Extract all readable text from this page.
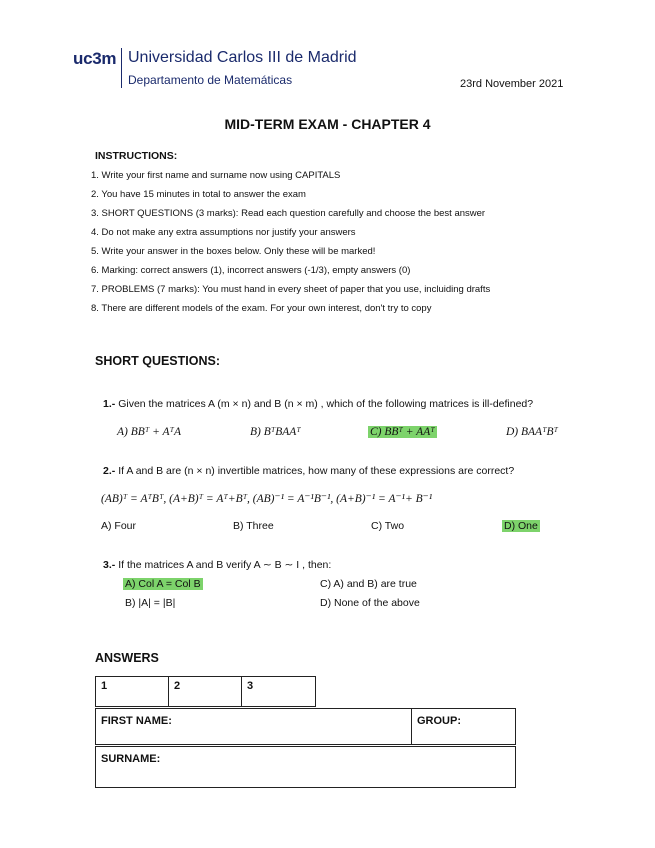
uc3m Universidad Carlos III de Madrid
Departamento de Matemáticas	23rd November 2021
MID-TERM EXAM - CHAPTER 4
INSTRUCTIONS:
1. Write your first name and surname now using CAPITALS
2. You have 15 minutes in total to answer the exam
3. SHORT QUESTIONS (3 marks): Read each question carefully and choose the best answer
4. Do not make any extra assumptions nor justify your answers
5. Write your answer in the boxes below. Only these will be marked!
6. Marking: correct answers (1), incorrect answers (-1/3), empty answers (0)
7. PROBLEMS (7 marks): You must hand in every sheet of paper that you use, incluiding drafts
8. There are different models of the exam. For your own interest, don't try to copy
SHORT QUESTIONS:
1.- Given the matrices A (m × n) and B (n × m) , which of the following matrices is ill-defined?
A) BBᵀ + AᵀA	B) BᵀBAAᵀ	C) BBᵀ + AAᵀ	D) BAAᵀBᵀ
2.- If A and B are (n × n) invertible matrices, how many of these expressions are correct?
(AB)ᵀ = AᵀBᵀ, (A+B)ᵀ = Aᵀ+Bᵀ, (AB)⁻¹ = A⁻¹B⁻¹, (A+B)⁻¹ = A⁻¹+ B⁻¹
A) Four	B) Three	C) Two	D) One
3.- If the matrices A and B verify A ∼ B ∼ I , then:
A) Col A = Col B	C) A) and B) are true
B) |A| = |B|	D) None of the above
ANSWERS
1	2	3
FIRST NAME:	GROUP:
SURNAME:
